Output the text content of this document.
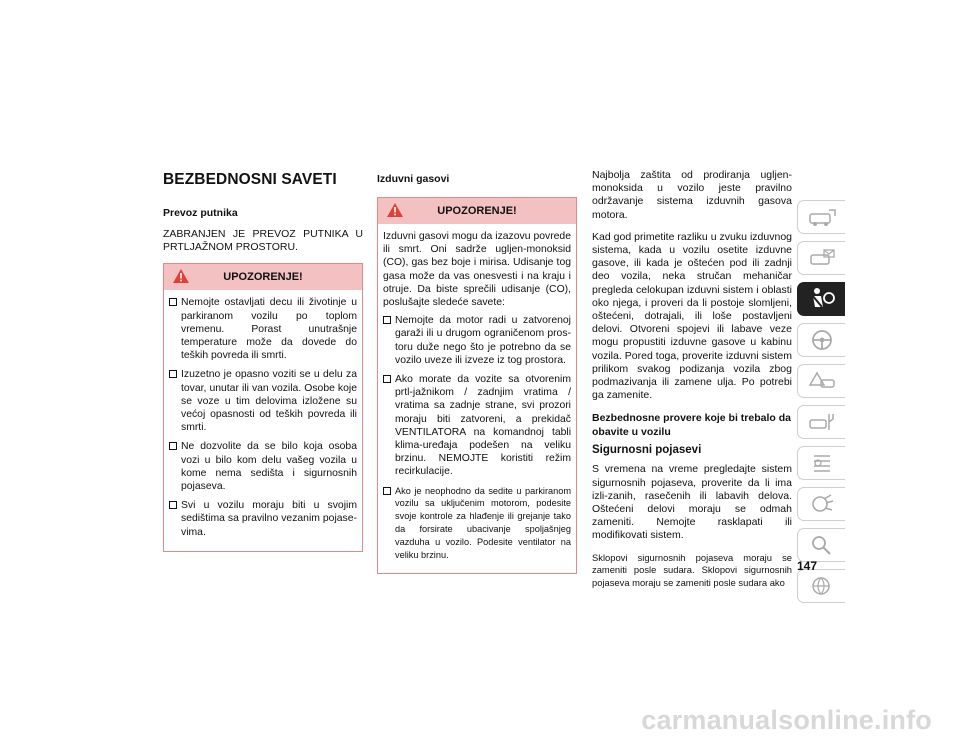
BEZBEDNOSNI SAVETI
Prevoz putnika
ZABRANJEN JE PREVOZ PUTNIKA U PRTLJAŽNOM PROSTORU.
UPOZORENJE!
Nemojte ostavljati decu ili životinje u parkiranom vozilu po toplom vremenu. Porast unutrašnje temperature može da dovede do teških povreda ili smrti.
Izuzetno je opasno voziti se u delu za tovar, unutar ili van vozila. Osobe koje se voze u tim delovima izložene su većoj opasnosti od teških povreda ili smrti.
Ne dozvolite da se bilo koja osoba vozi u bilo kom delu vašeg vozila u kome nema sedišta i sigurnosnih pojaseva.
Svi u vozilu moraju biti u svojim sedištima sa pravilno vezanim pojase-vima.
Izduvni gasovi
UPOZORENJE!
Izduvni gasovi mogu da izazovu povrede ili smrt. Oni sadrže ugljen-monoksid (CO), gas bez boje i mirisa. Udisanje tog gasa može da vas onesvesti i na kraju i otruje. Da biste sprečili udisanje (CO), poslušajte sledeće savete:
Nemojte da motor radi u zatvorenoj garaži ili u drugom ograničenom pros-toru duže nego što je potrebno da se vozilo uveze ili izveze iz tog prostora.
Ako morate da vozite sa otvorenim prtl-jažnikom / zadnjim vratima / vratima sa zadnje strane, svi prozori moraju biti zatvoreni, a prekidač VENTILATORA na komandnoj tabli klima-uređaja podešen na veliku brzinu. NEMOJTE koristiti režim recirkulacije.
Ako je neophodno da sedite u parkiranom vozilu sa uključenim motorom, podesite svoje kontrole za hlađenje ili grejanje tako da forsirate ubacivanje spoljašnjeg vazduha u vozilo. Podesite ventilator na veliku brzinu.
Najbolja zaštita od prodiranja ugljen-monoksida u vozilo jeste pravilno održavanje sistema izduvnih gasova motora.
Kad god primetite razliku u zvuku izduvnog sistema, kada u vozilu osetite izduvne gasove, ili kada je oštećen pod ili zadnji deo vozila, neka stručan mehaničar pregleda celokupan izduvni sistem i oblasti oko njega, i proveri da li postoje slomljeni, oštećeni, dotrajali, ili loše postavljeni delovi. Otvoreni spojevi ili labave veze mogu propustiti izduvne gasove u kabinu vozila. Pored toga, proverite izduvni sistem prilikom svakog podizanja vozila zbog podmazivanja ili zamene ulja. Po potrebi ga zamenite.
Bezbednosne provere koje bi trebalo da obavite u vozilu
Sigurnosni pojasevi
S vremena na vreme pregledajte sistem sigurnosnih pojaseva, proverite da li ima izli-zanih, rasečenih ili labavih delova. Oštećeni delovi moraju se odmah zameniti. Nemojte rasklapati ili modifikovati sistem.
Sklopovi sigurnosnih pojaseva moraju se zameniti posle sudara. Sklopovi sigurnosnih pojaseva moraju se zameniti posle sudara ako
147
carmanualsonline.info
